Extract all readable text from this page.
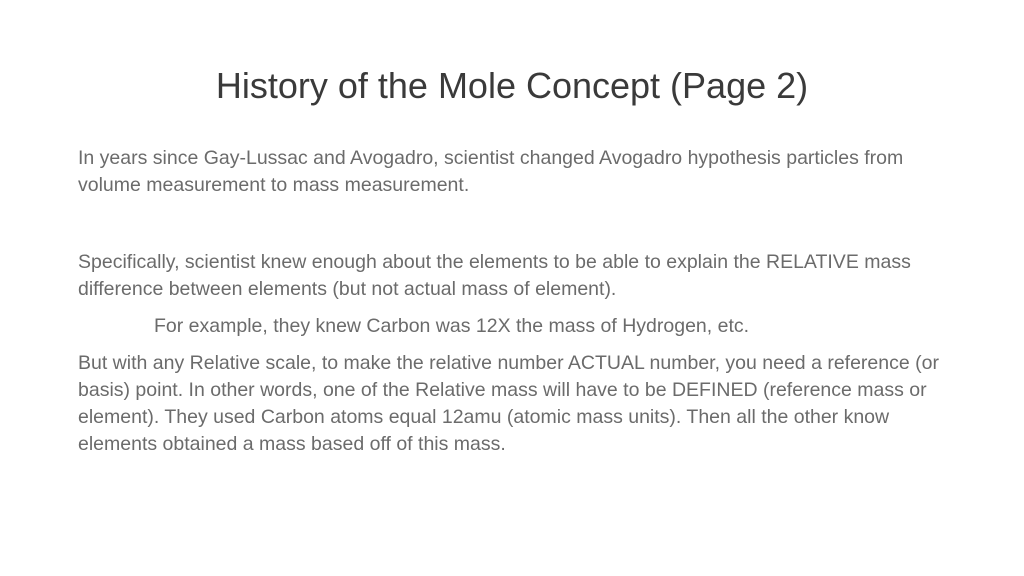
History of the Mole Concept (Page 2)

In years since Gay-Lussac and Avogadro, scientist changed Avogadro hypothesis particles from volume measurement to mass measurement.

Specifically, scientist knew enough about the elements to be able to explain the RELATIVE mass difference between elements (but not actual mass of element).

For example, they knew Carbon was 12X the mass of Hydrogen, etc.

But with any Relative scale, to make the relative number ACTUAL number, you need a reference (or basis) point. In other words, one of the Relative mass will have to be DEFINED (reference mass or element). They used Carbon atoms equal 12amu (atomic mass units). Then all the other know elements obtained a mass based off of this mass.
